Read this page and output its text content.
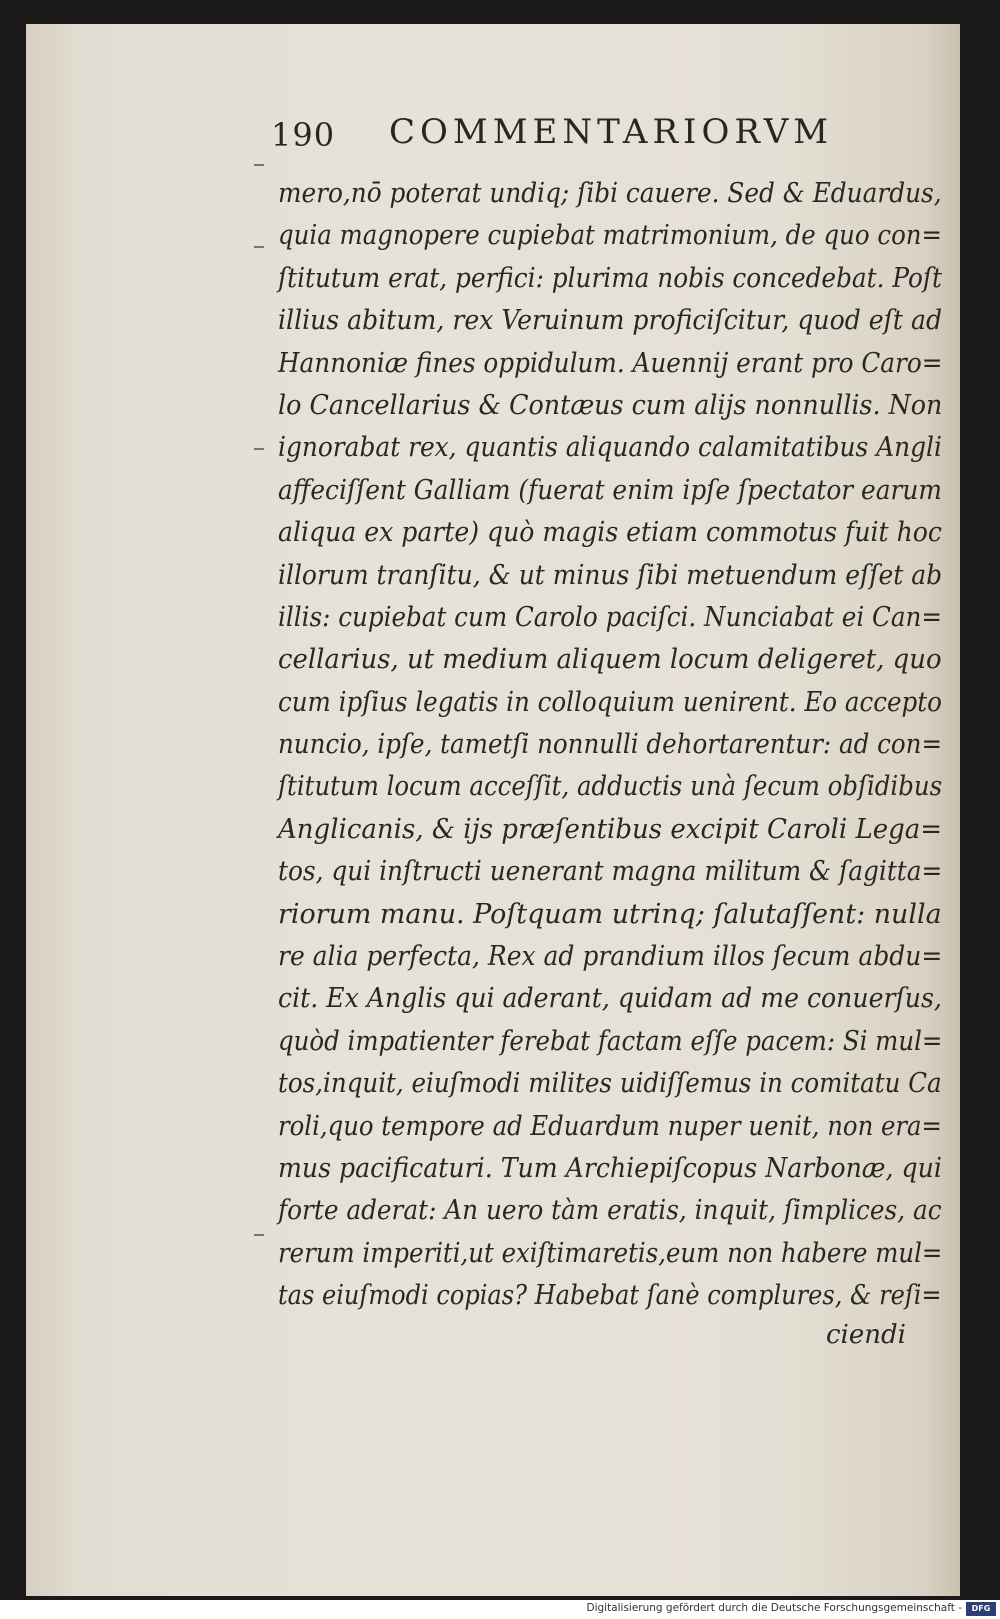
190 COMMENTARIORVM
mero,nō poterat undiq; ſibi cauere. Sed & Eduardus,
quia magnopere cupiebat matrimonium, de quo con=
ſtitutum erat, perfici: plurima nobis concedebat. Poſt
illius abitum, rex Veruinum proficiſcitur, quod eſt ad
Hannoniæ fines oppidulum. Auennij erant pro Caro=
lo Cancellarius & Contæus cum alijs nonnullis. Non
ignorabat rex, quantis aliquando calamitatibus Angli
affeciſſent Galliam (fuerat enim ipſe ſpectator earum
aliqua ex parte) quò magis etiam commotus fuit hoc
illorum tranſitu, & ut minus ſibi metuendum eſſet ab
illis: cupiebat cum Carolo paciſci. Nunciabat ei Can=
cellarius, ut medium aliquem locum deligeret, quo
cum ipſius legatis in colloquium uenirent. Eo accepto
nuncio, ipſe, tametſi nonnulli dehortarentur: ad con=
ſtitutum locum acceſſit, adductis unà ſecum obſidibus
Anglicanis, & ijs præſentibus excipit Caroli Lega=
tos, qui inſtructi uenerant magna militum & ſagitta=
riorum manu. Poſtquam utrinq; ſalutaſſent: nulla
re alia perfecta, Rex ad prandium illos ſecum abdu=
cit. Ex Anglis qui aderant, quidam ad me conuerſus,
quòd impatienter ferebat factam eſſe pacem: Si mul=
tos,inquit, eiuſmodi milites uidiſſemus in comitatu Ca
roli,quo tempore ad Eduardum nuper uenit, non era=
mus pacificaturi. Tum Archiepiſcopus Narbonæ, qui
forte aderat: An uero tàm eratis, inquit, ſimplices, ac
rerum imperiti,ut exiſtimaretis,eum non habere mul=
tas eiuſmodi copias? Habebat ſanè complures, & reſi=
ciendi
Digitalisierung gefördert durch die Deutsche Forschungsgemeinschaft -	DFG
